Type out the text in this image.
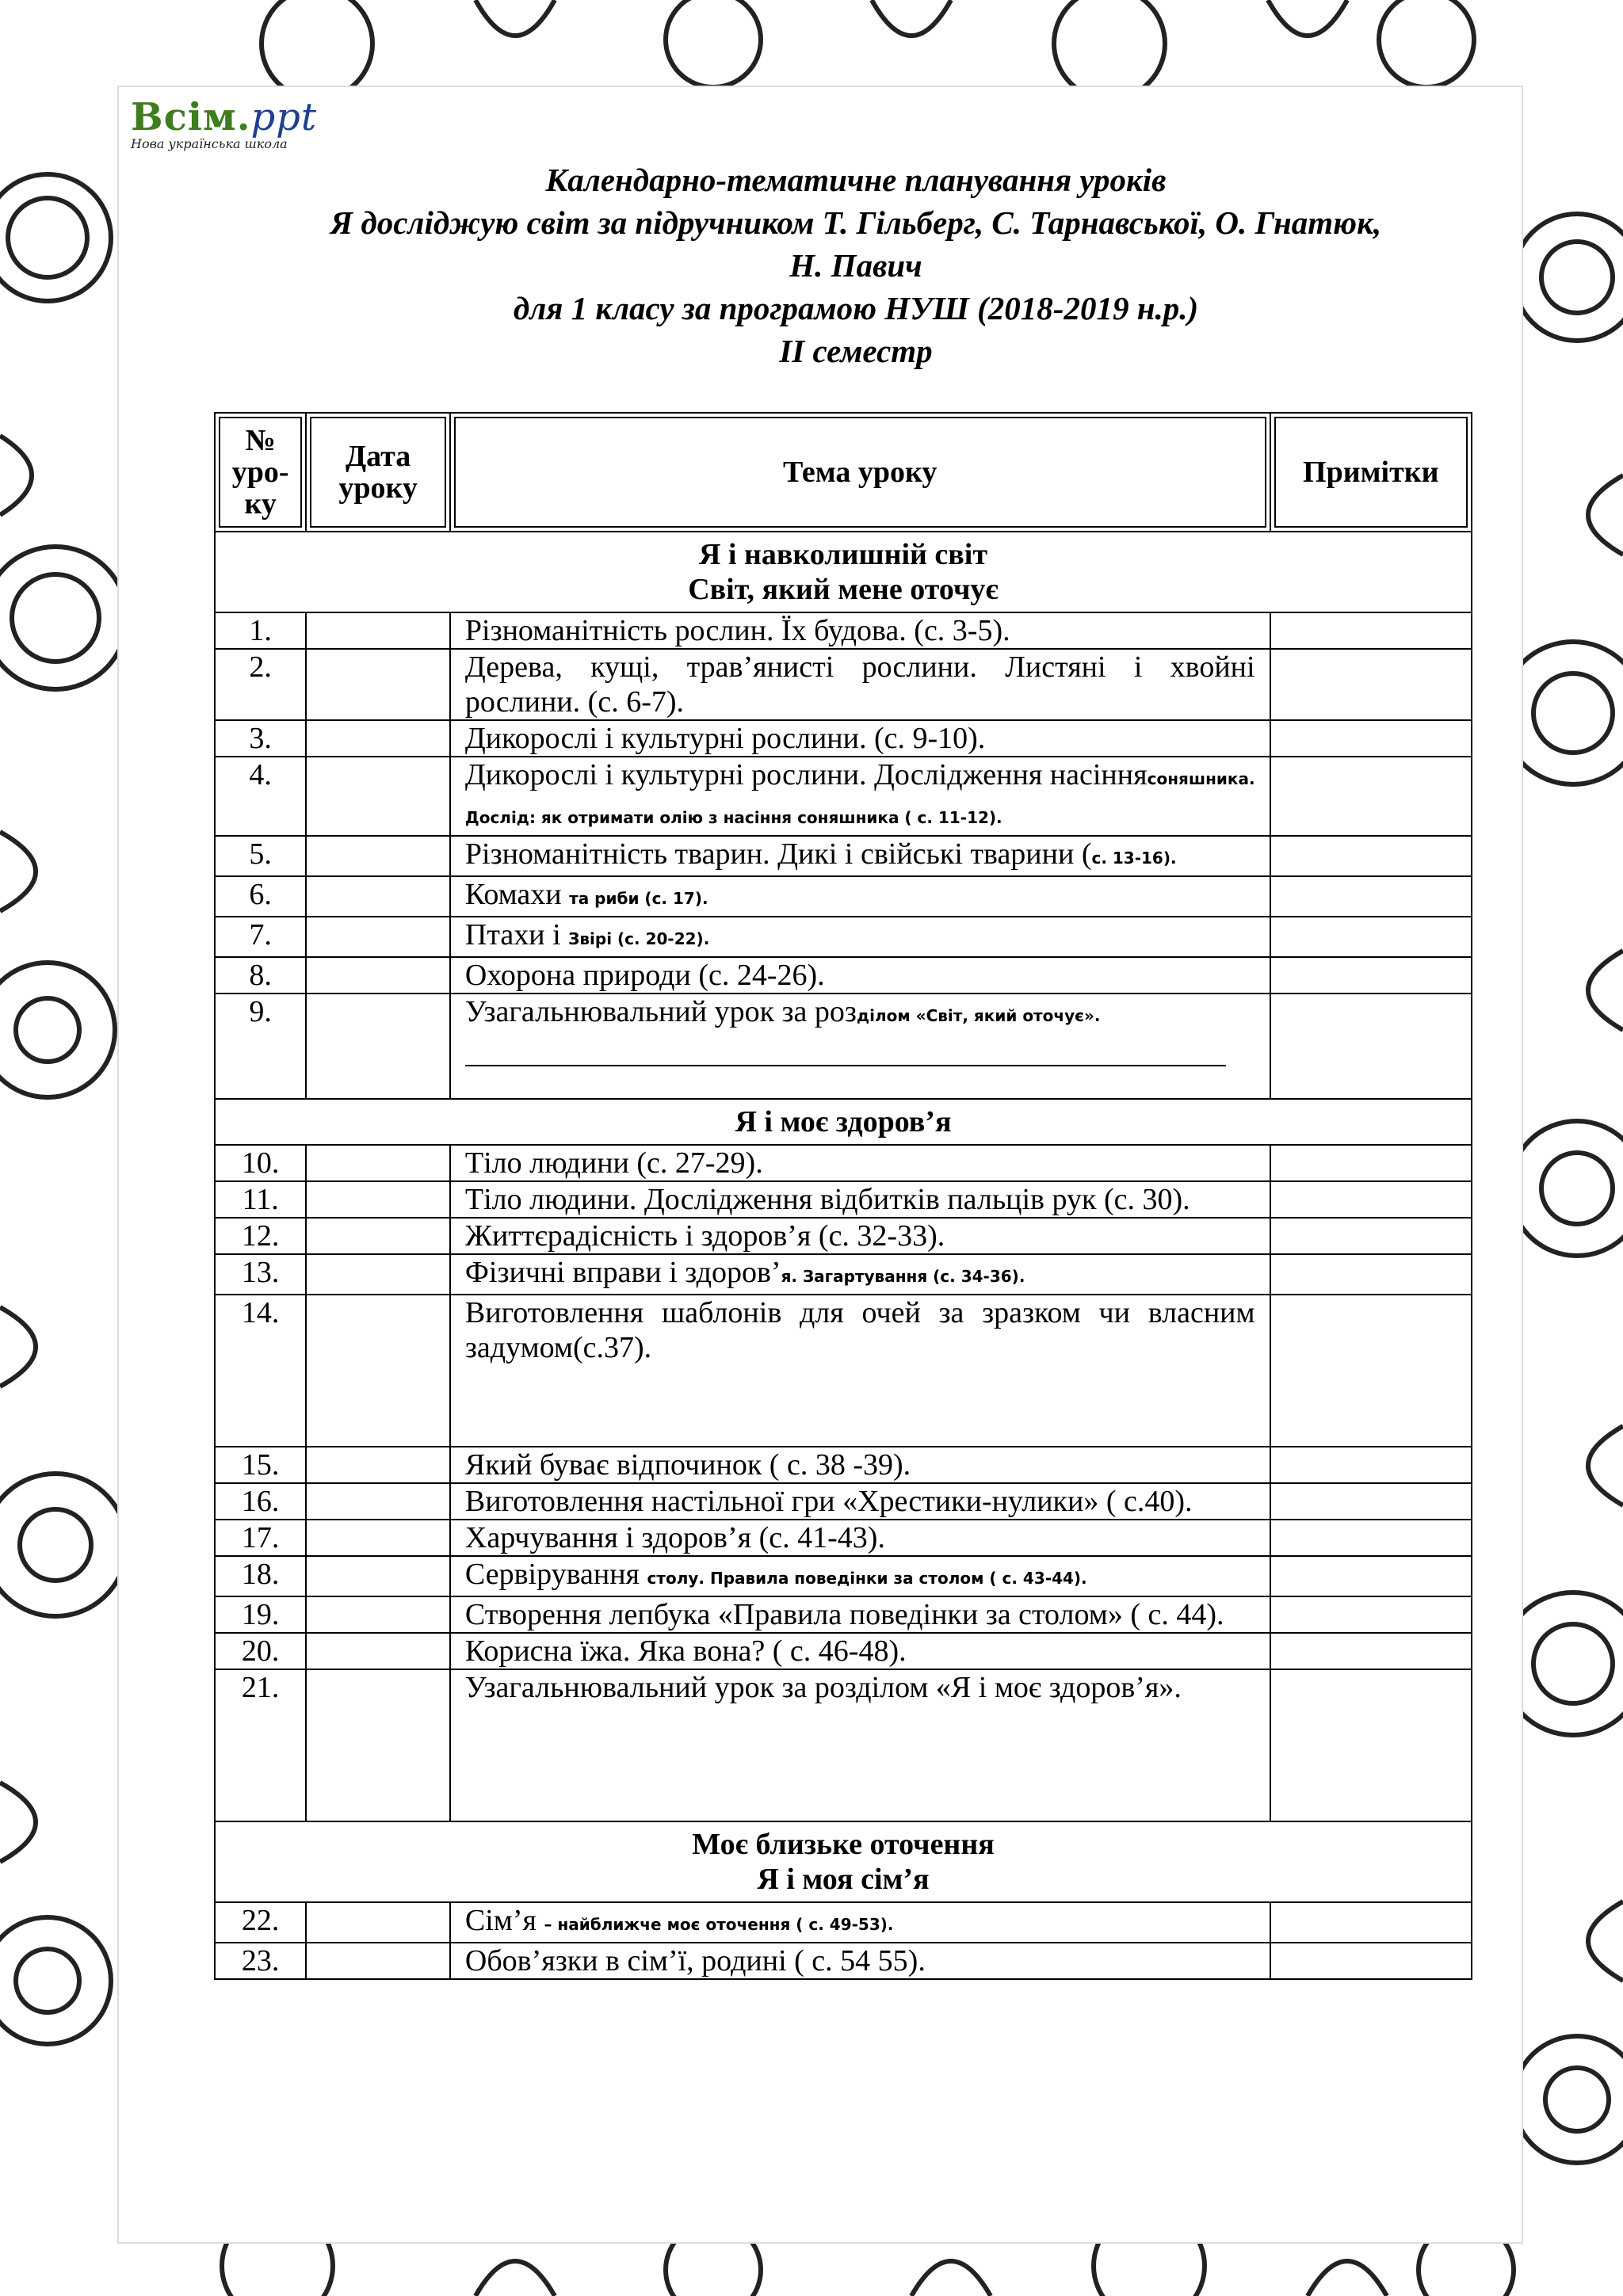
Всім.ppt
Нова українська школа
Календарно-тематичне планування уроків
Я досліджую світ за підручником Т. Гільберг, С. Тарнавської, О. Гнатюк,
Н. Павич
для 1 класу за програмою НУШ (2018-2019 н.р.)
ІІ семестр
№ уро-ку	Дата уроку	Тема уроку	Примітки

Я і навколишній світ
Світ, який мене оточує			

1.		Різноманітність рослин. Їх будова. (с. 3-5).	
2.		Дерева, кущі, трав’янисті рослини. Листяні і хвойні рослини. (с. 6-7).	
3.		Дикорослі і культурні рослини. (с. 9-10).	
4.		Дикорослі і культурні рослини. Дослідження насіннясоняшника. Дослід: як отримати олію з насіння соняшника ( с. 11-12).	
5.		Різноманітність тварин. Дикі і свійські тварини (с. 13-16).	
6.		Комахи та риби (с. 17).	
7.		Птахи і Звірі (с. 20-22).	
8.		Охорона природи (с. 24-26).	
9.		Узагальнювальний урок за розділом «Світ, який оточує».

Я і моє здоров’я			

10.		Тіло людини (с. 27-29).	
11.		Тіло людини. Дослідження відбитків пальців рук (с. 30).	
12.		Життєрадісність і здоров’я (с. 32-33).	
13.		Фізичні вправи і здоров’я. Загартування (с. 34-36).	
14.		Виготовлення шаблонів для очей за зразком чи власним задумом(с.37).	
15.		Який буває відпочинок ( с. 38 -39).	
16.		Виготовлення настільної гри «Хрестики-нулики» ( с.40).	
17.		Харчування і здоров’я (с. 41-43).	
18.		Сервірування столу. Правила поведінки за столом ( с. 43-44).	
19.		Створення лепбука «Правила поведінки за столом» ( с. 44).	
20.		Корисна їжа. Яка вона? ( с. 46-48).	
21.		Узагальнювальний урок за розділом «Я і моє здоров’я».	

Моє близьке оточення
Я і моя сім’я			

22.		Сім’я – найближче моє оточення ( с. 49-53).	
23.		Обов’язки в сім’ї, родині ( с. 54 55).	
